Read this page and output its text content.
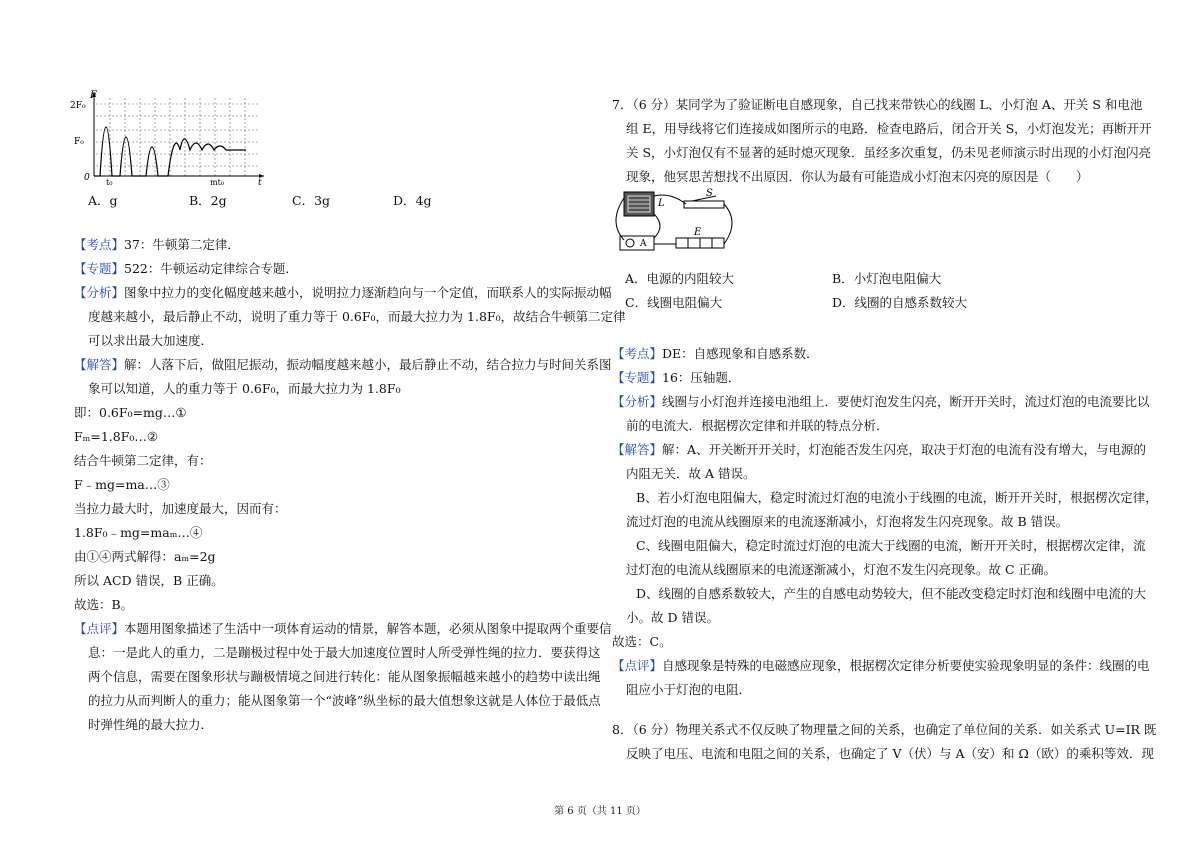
F
2F₀
F₀
0 t₀	mt₀	t
A．g	B．2g	C．3g	D．4g
【考点】37：牛顿第二定律．
【专题】522：牛顿运动定律综合专题．
【分析】图象中拉力的变化幅度越来越小，说明拉力逐渐趋向与一个定值，而联系人的实际振动幅
度越来越小，最后静止不动，说明了重力等于 0.6F₀，而最大拉力为 1.8F₀，故结合牛顿第二定律
可以求出最大加速度．
【解答】解：人落下后，做阻尼振动，振动幅度越来越小，最后静止不动，结合拉力与时间关系图
象可以知道，人的重力等于 0.6F₀，而最大拉力为 1.8F₀
即：0.6F₀=mg…①
Fₘ=1.8F₀…②
结合牛顿第二定律，有：
F﹣mg=ma…③
当拉力最大时，加速度最大，因而有：
1.8F₀﹣mg=maₘ…④
由①④两式解得：aₘ=2g
所以 ACD 错误，B 正确。
故选：B。
【点评】本题用图象描述了生活中一项体育运动的情景，解答本题，必须从图象中提取两个重要信
息：一是此人的重力，二是蹦极过程中处于最大加速度位置时人所受弹性绳的拉力．要获得这
两个信息，需要在图象形状与蹦极情境之间进行转化：能从图象振幅越来越小的趋势中读出绳
的拉力从而判断人的重力；能从图象第一个“波峰”纵坐标的最大值想象这就是人体位于最低点
时弹性绳的最大拉力．
7．（6 分）某同学为了验证断电自感现象，自己找来带铁心的线圈 L、小灯泡 A、开关 S 和电池
组 E，用导线将它们连接成如图所示的电路．检查电路后，闭合开关 S，小灯泡发光；再断开开
关 S，小灯泡仅有不显著的延时熄灭现象．虽经多次重复，仍未见老师演示时出现的小灯泡闪亮
现象，他冥思苦想找不出原因．你认为最有可能造成小灯泡末闪亮的原因是（　　）
L
S
E
A
A．电源的内阻较大	B．小灯泡电阻偏大
C．线圈电阻偏大	D．线圈的自感系数较大
【考点】DE：自感现象和自感系数．
【专题】16：压轴题．
【分析】线圈与小灯泡并连接电池组上．要使灯泡发生闪亮，断开开关时，流过灯泡的电流要比以
前的电流大．根据楞次定律和并联的特点分析．
【解答】解：A、开关断开开关时，灯泡能否发生闪亮，取决于灯泡的电流有没有增大，与电源的
内阻无关．故 A 错误。
B、若小灯泡电阻偏大，稳定时流过灯泡的电流小于线圈的电流，断开开关时，根据楞次定律，
流过灯泡的电流从线圈原来的电流逐渐减小，灯泡将发生闪亮现象。故 B 错误。
C、线圈电阻偏大，稳定时流过灯泡的电流大于线圈的电流，断开开关时，根据楞次定律，流
过灯泡的电流从线圈原来的电流逐渐减小，灯泡不发生闪亮现象。故 C 正确。
D、线圈的自感系数较大，产生的自感电动势较大，但不能改变稳定时灯泡和线圈中电流的大
小。故 D 错误。
故选：C。
【点评】自感现象是特殊的电磁感应现象，根据楞次定律分析要使实验现象明显的条件：线圈的电
阻应小于灯泡的电阻．
8．（6 分）物理关系式不仅反映了物理量之间的关系，也确定了单位间的关系．如关系式 U=IR 既
反映了电压、电流和电阻之间的关系，也确定了 V（伏）与 A（安）和 Ω（欧）的乘积等效．现
第 6 页（共 11 页）
